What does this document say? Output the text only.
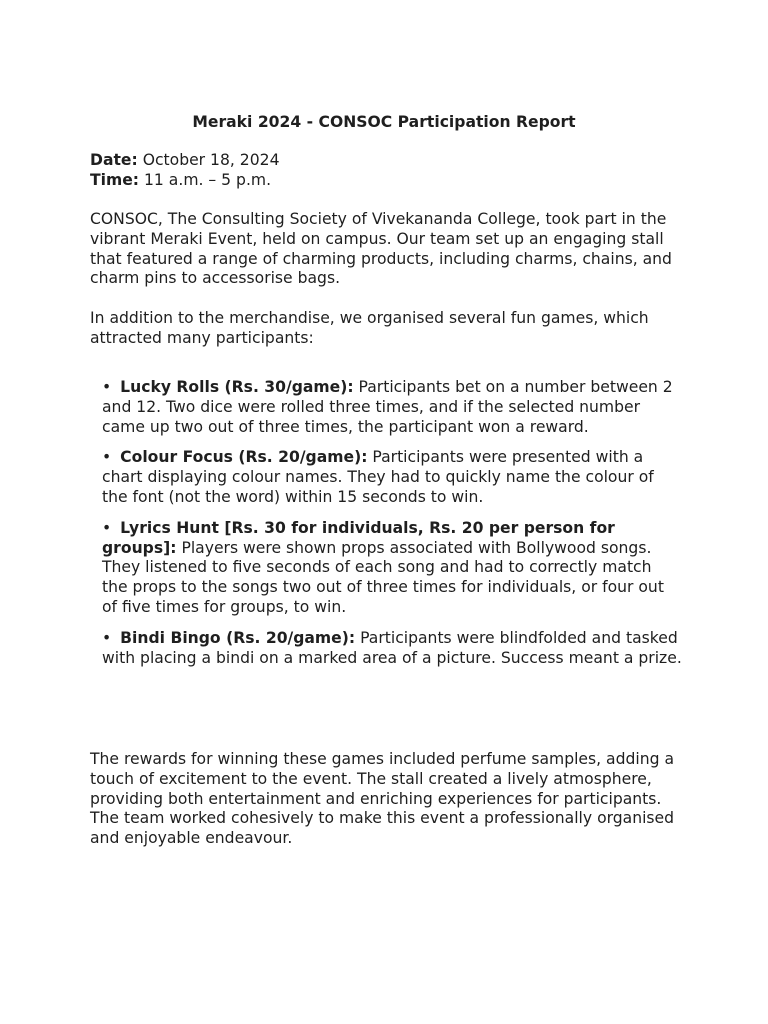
Meraki 2024 - CONSOC Participation Report
Date: October 18, 2024
Time: 11 a.m. – 5 p.m.

CONSOC, The Consulting Society of Vivekananda College, took part in the vibrant Meraki Event, held on campus. Our team set up an engaging stall that featured a range of charming products, including charms, chains, and charm pins to accessorise bags.

In addition to the merchandise, we organised several fun games, which attracted many participants:

• Lucky Rolls (Rs. 30/game): Participants bet on a number between 2 and 12. Two dice were rolled three times, and if the selected number came up two out of three times, the participant won a reward.
• Colour Focus (Rs. 20/game): Participants were presented with a chart displaying colour names. They had to quickly name the colour of the font (not the word) within 15 seconds to win.
• Lyrics Hunt [Rs. 30 for individuals, Rs. 20 per person for groups]: Players were shown props associated with Bollywood songs. They listened to five seconds of each song and had to correctly match the props to the songs two out of three times for individuals, or four out of five times for groups, to win.
• Bindi Bingo (Rs. 20/game): Participants were blindfolded and tasked with placing a bindi on a marked area of a picture. Success meant a prize.

The rewards for winning these games included perfume samples, adding a touch of excitement to the event. The stall created a lively atmosphere, providing both entertainment and enriching experiences for participants. The team worked cohesively to make this event a professionally organised and enjoyable endeavour.
